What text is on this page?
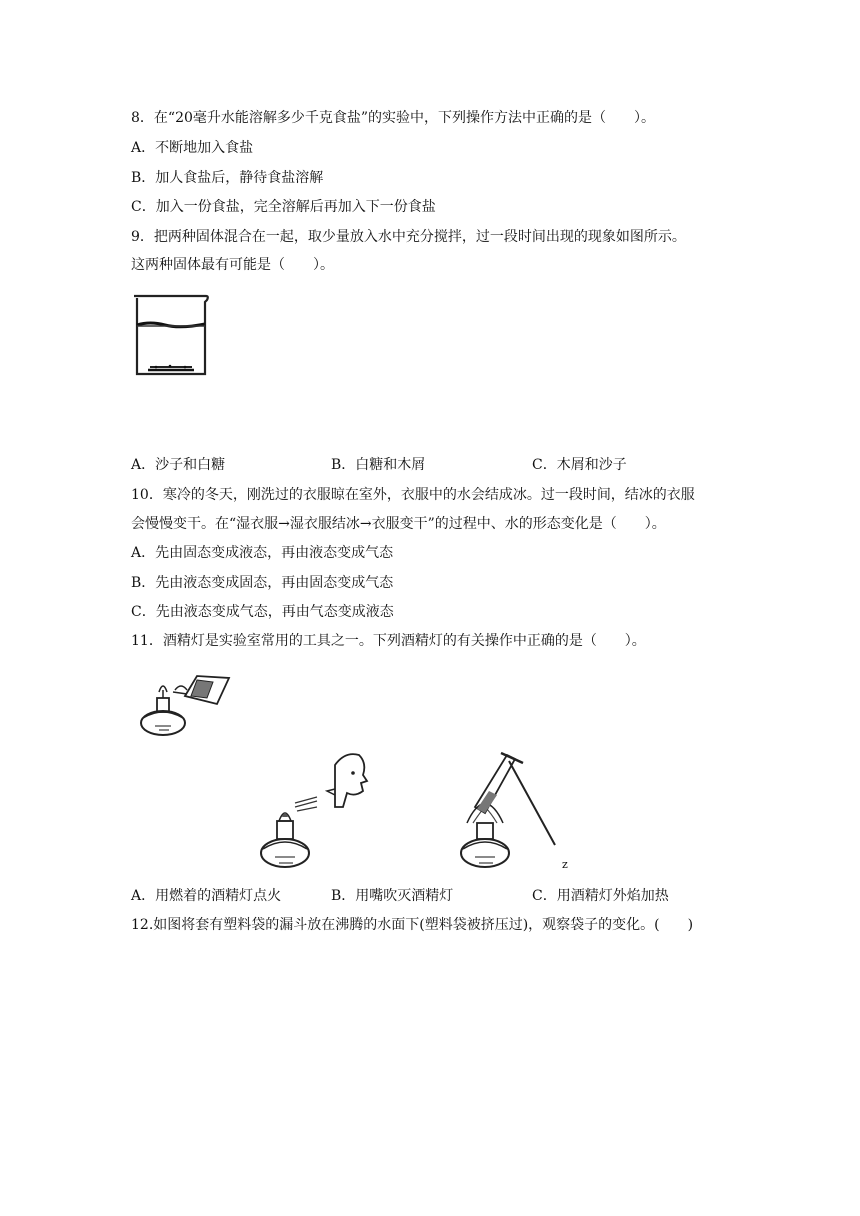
8．在“20毫升水能溶解多少千克食盐”的实验中，下列操作方法中正确的是（　　）。
A．不断地加入食盐
B．加人食盐后，静待食盐溶解
C．加入一份食盐，完全溶解后再加入下一份食盐
9．把两种固体混合在一起，取少量放入水中充分搅拌，过一段时间出现的现象如图所示。
这两种固体最有可能是（　　）。
A．沙子和白糖	B．白糖和木屑	C．木屑和沙子
10．寒冷的冬天，刚洗过的衣服晾在室外，衣服中的水会结成冰。过一段时间，结冰的衣服
会慢慢变干。在“湿衣服→湿衣服结冰→衣服变干”的过程中、水的形态变化是（　　）。
A．先由固态变成液态，再由液态变成气态
B．先由液态变成固态，再由固态变成气态
C．先由液态变成气态，再由气态变成液态
11．酒精灯是实验室常用的工具之一。下列酒精灯的有关操作中正确的是（　　）。
z
A．用燃着的酒精灯点火	B．用嘴吹灭酒精灯	C．用酒精灯外焰加热
12.如图将套有塑料袋的漏斗放在沸腾的水面下(塑料袋被挤压过)，观察袋子的变化。(　　)
